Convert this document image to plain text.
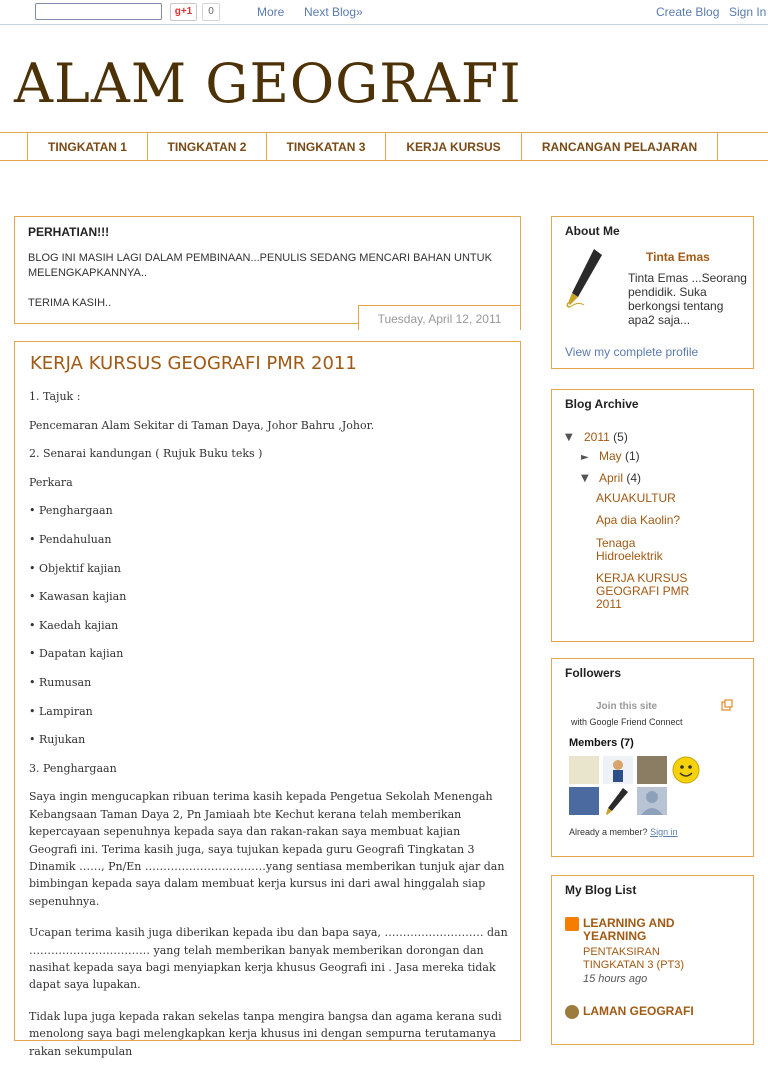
g+1	0	More Next Blog»	Create Blog Sign In
ALAM GEOGRAFI
TINGKATAN 1	TINGKATAN 2	TINGKATAN 3	KERJA KURSUS	RANCANGAN PELAJARAN
PERHATIAN!!!
BLOG INI MASIH LAGI DALAM PEMBINAAN...PENULIS SEDANG MENCARI BAHAN UNTUK MELENGKAPKANNYA..
TERIMA KASIH..
Tuesday, April 12, 2011
KERJA KURSUS GEOGRAFI PMR 2011

1. Tajuk :

Pencemaran Alam Sekitar di Taman Daya, Johor Bahru ,Johor.

2. Senarai kandungan ( Rujuk Buku teks )

Perkara

• Penghargaan

• Pendahuluan

• Objektif kajian

• Kawasan kajian

• Kaedah kajian

• Dapatan kajian

• Rumusan

• Lampiran

• Rujukan

3. Penghargaan

Saya ingin mengucapkan ribuan terima kasih kepada Pengetua Sekolah Menengah Kebangsaan Taman Daya 2, Pn Jamiaah bte Kechut kerana telah memberikan kepercayaan sepenuhnya kepada saya dan rakan-rakan saya membuat kajian Geografi ini. Terima kasih juga, saya tujukan kepada guru Geografi Tingkatan 3 Dinamik ……, Pn/En ……………………………yang sentiasa memberikan tunjuk ajar dan bimbingan kepada saya dalam membuat kerja kursus ini dari awal hinggalah siap sepenuhnya.

Ucapan terima kasih juga diberikan kepada ibu dan bapa saya, ……………………… dan …………………………… yang telah memberikan banyak memberikan dorongan dan nasihat kepada saya bagi menyiapkan kerja khusus Geografi ini . Jasa mereka tidak dapat saya lupakan.

Tidak lupa juga kepada rakan sekelas tanpa mengira bangsa dan agama kerana sudi menolong saya bagi melengkapkan kerja khusus ini dengan sempurna terutamanya rakan sekumpulan

About Me
Tinta Emas
Tinta Emas ...Seorang pendidik. Suka berkongsi tentang apa2 saja...
View my complete profile
Blog Archive
▼ 2011 (5)
► May (1)
▼ April (4)
AKUAKULTUR
Apa dia Kaolin?
Tenaga Hidroelektrik
KERJA KURSUS GEOGRAFI PMR 2011
Followers
Join this site
with Google Friend Connect
Members (7)
Already a member? Sign in
My Blog List
LEARNING AND YEARNING
PENTAKSIRAN TINGKATAN 3 (PT3)
15 hours ago
LAMAN GEOGRAFI
